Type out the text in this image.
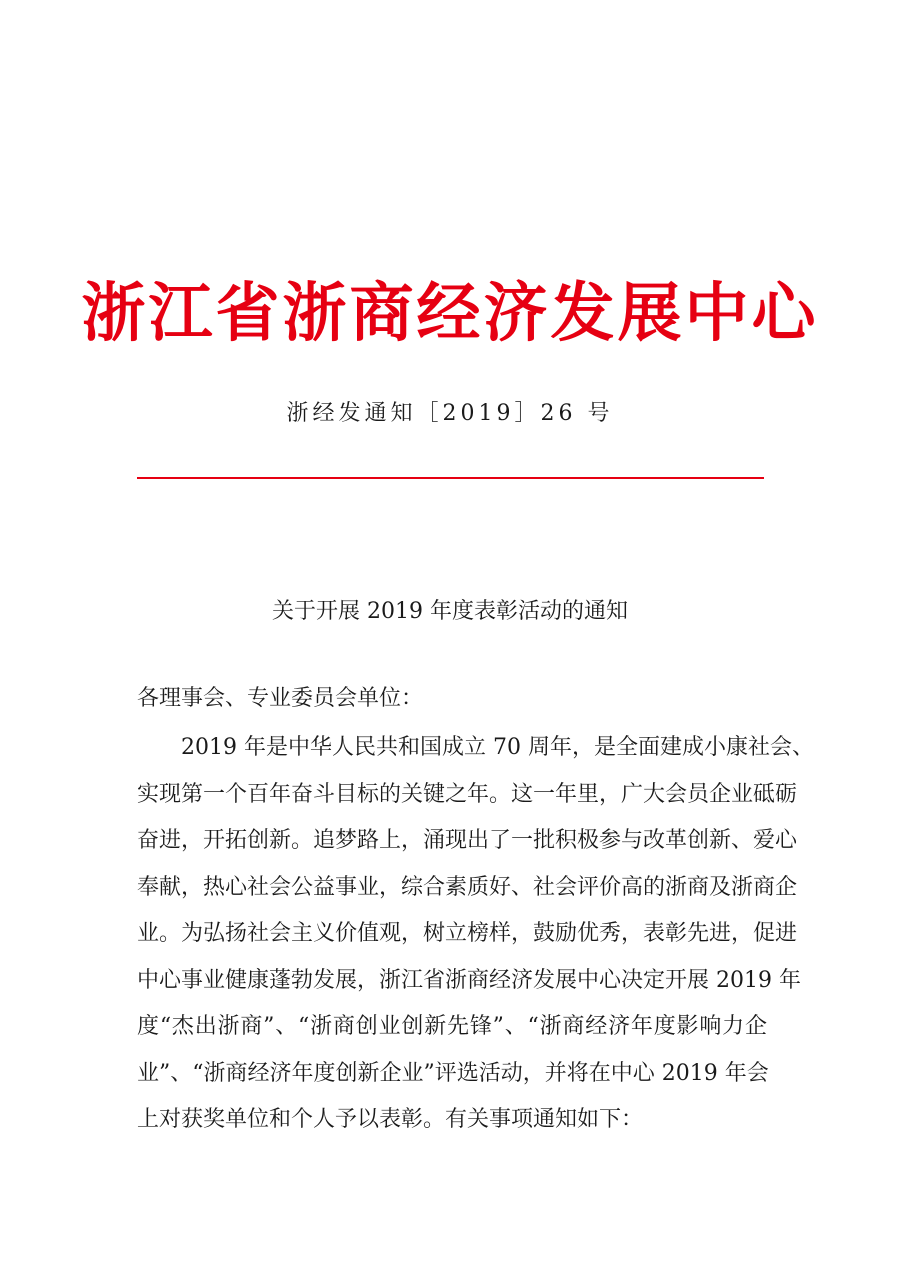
浙江省浙商经济发展中心
浙经发通知［2019］26 号
关于开展 2019 年度表彰活动的通知
各理事会、专业委员会单位：
2019 年是中华人民共和国成立 70 周年，是全面建成小康社会、
实现第一个百年奋斗目标的关键之年。这一年里，广大会员企业砥砺
奋进，开拓创新。追梦路上，涌现出了一批积极参与改革创新、爱心
奉献，热心社会公益事业，综合素质好、社会评价高的浙商及浙商企
业。为弘扬社会主义价值观，树立榜样，鼓励优秀，表彰先进，促进
中心事业健康蓬勃发展，浙江省浙商经济发展中心决定开展 2019 年
度“杰出浙商”、“浙商创业创新先锋”、“浙商经济年度影响力企
业”、“浙商经济年度创新企业”评选活动，并将在中心 2019 年会
上对获奖单位和个人予以表彰。有关事项通知如下：
